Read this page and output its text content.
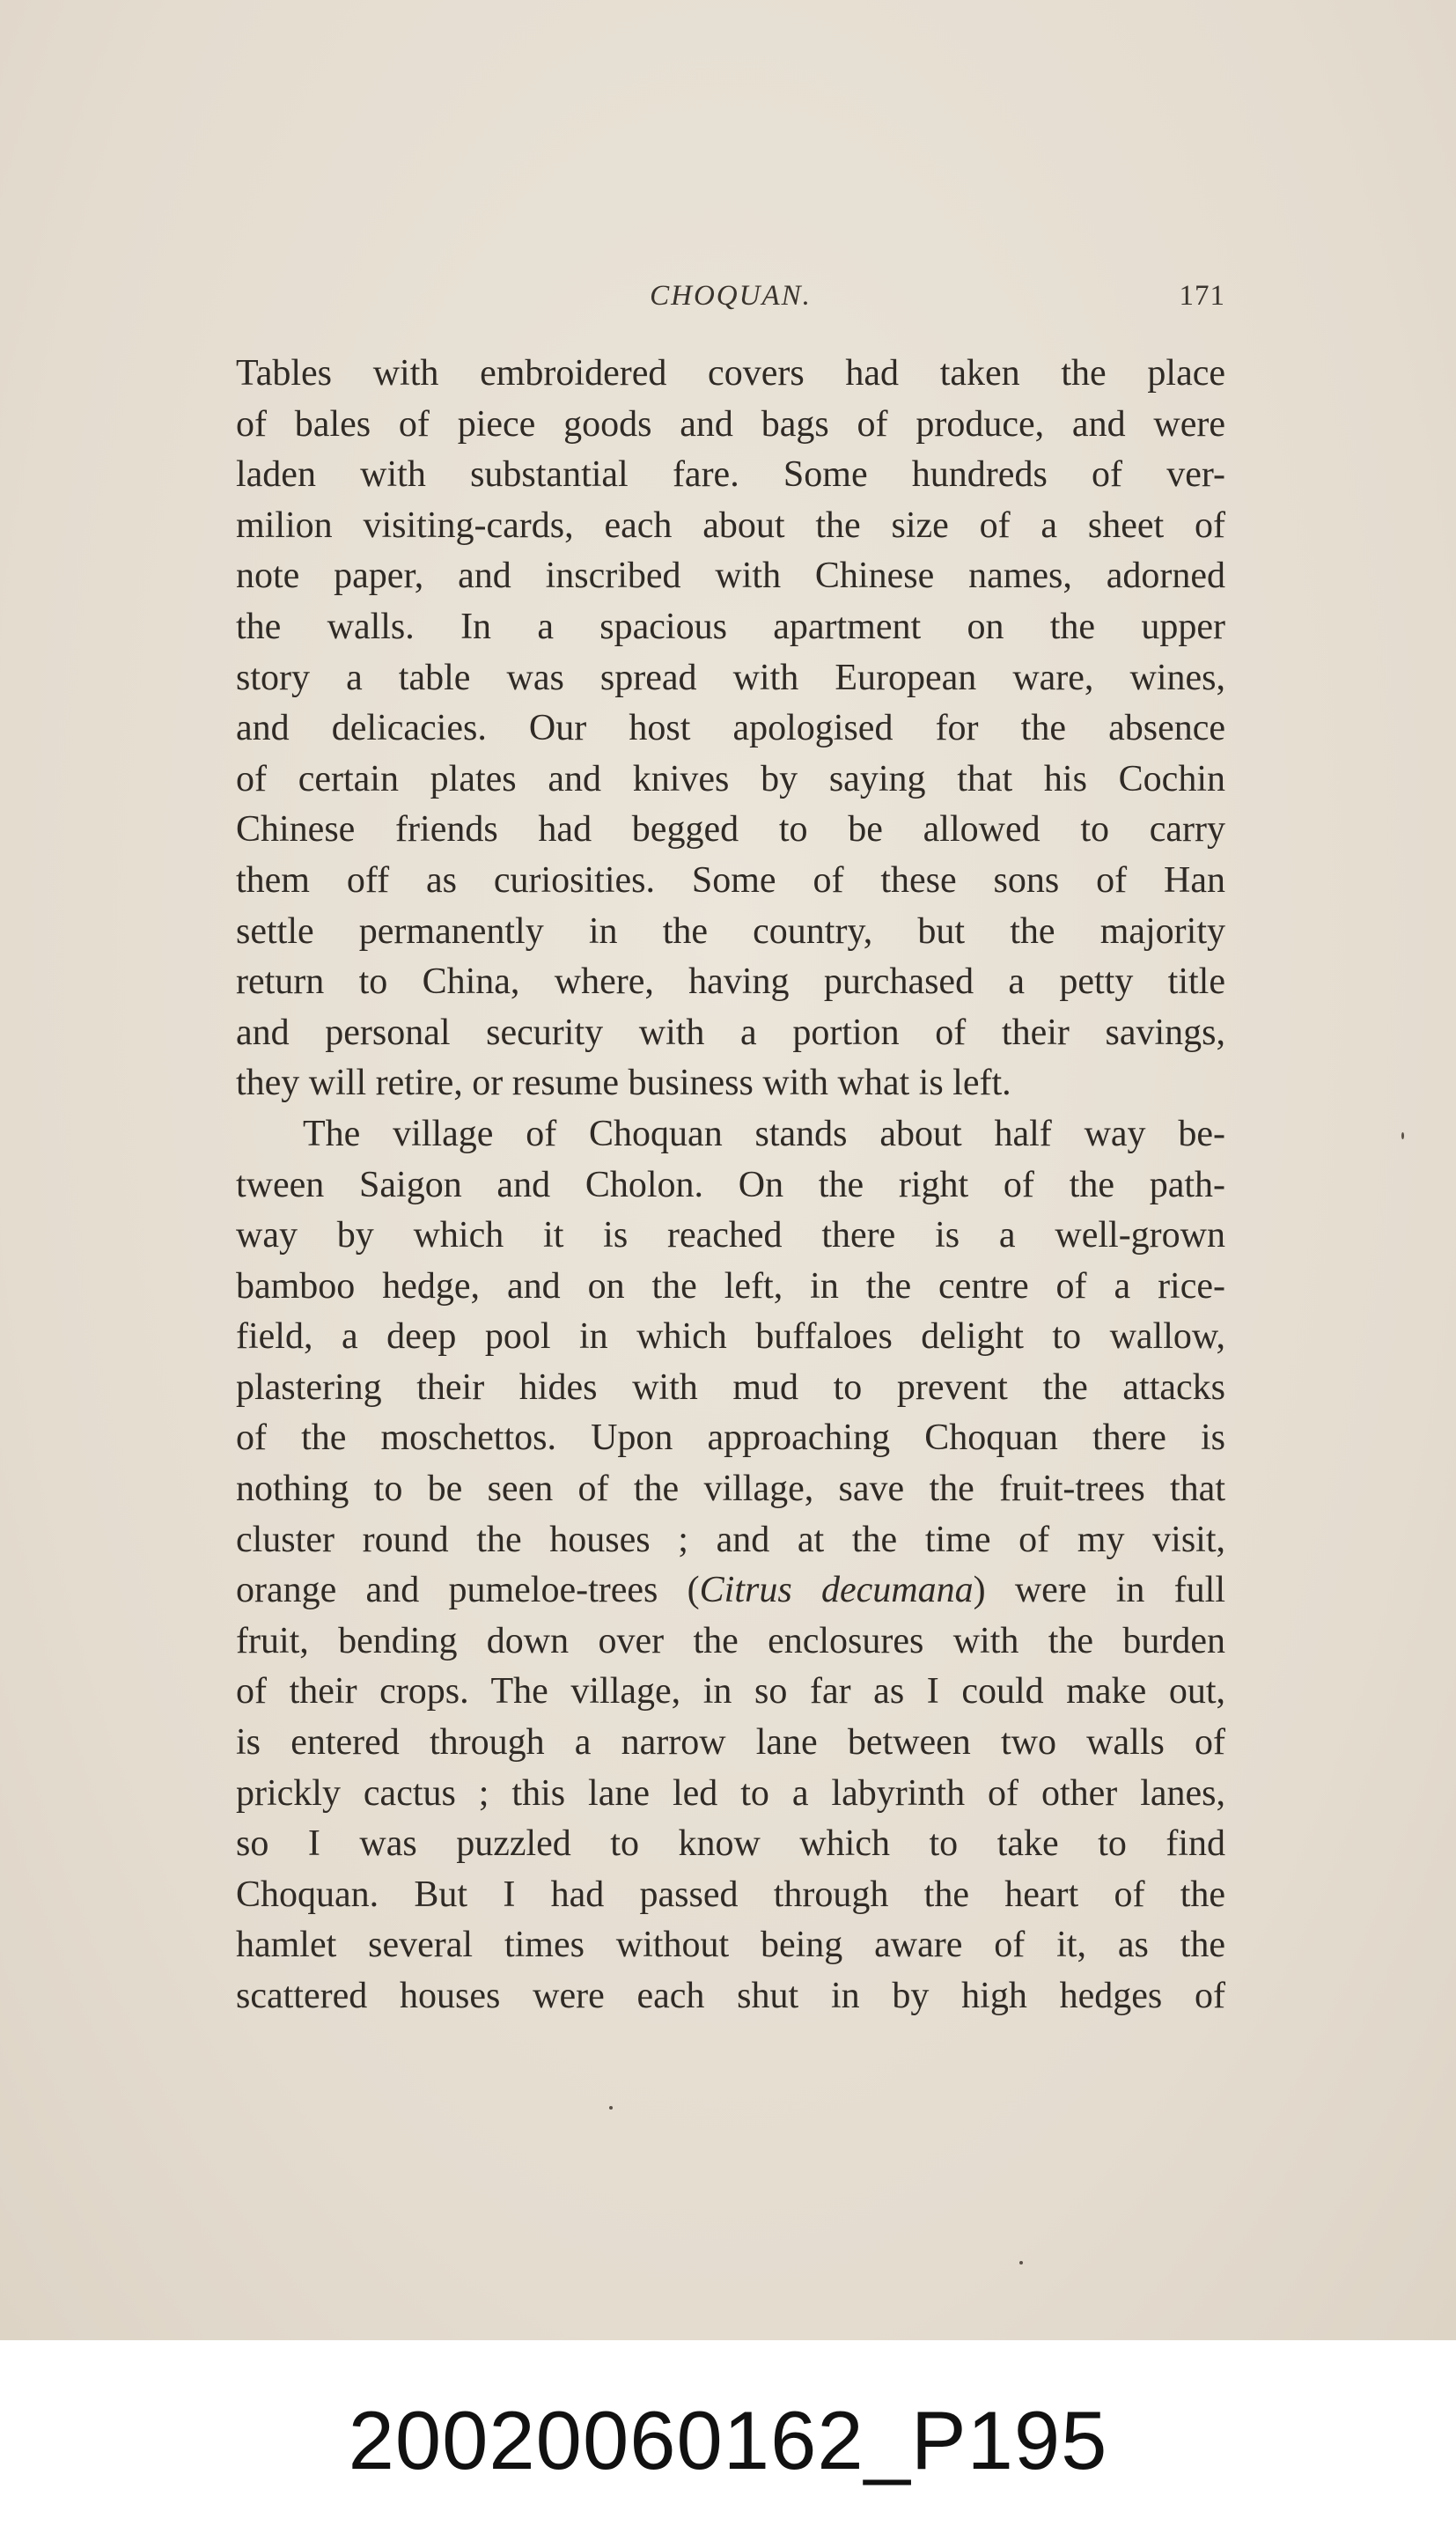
CHOQUAN.	171
Tables with embroidered covers had taken the place
of bales of piece goods and bags of produce, and were
laden with substantial fare. Some hundreds of ver-
milion visiting-cards, each about the size of a sheet of
note paper, and inscribed with Chinese names, adorned
the walls. In a spacious apartment on the upper
story a table was spread with European ware, wines,
and delicacies. Our host apologised for the absence
of certain plates and knives by saying that his Cochin
Chinese friends had begged to be allowed to carry
them off as curiosities. Some of these sons of Han
settle permanently in the country, but the majority
return to China, where, having purchased a petty title
and personal security with a portion of their savings,
they will retire, or resume business with what is left.
The village of Choquan stands about half way be-
tween Saigon and Cholon. On the right of the path-
way by which it is reached there is a well-grown
bamboo hedge, and on the left, in the centre of a rice-
field, a deep pool in which buffaloes delight to wallow,
plastering their hides with mud to prevent the attacks
of the moschettos. Upon approaching Choquan there is
nothing to be seen of the village, save the fruit-trees that
cluster round the houses ; and at the time of my visit,
orange and pumeloe-trees (Citrus decumana) were in full
fruit, bending down over the enclosures with the burden
of their crops. The village, in so far as I could make out,
is entered through a narrow lane between two walls of
prickly cactus ; this lane led to a labyrinth of other lanes,
so I was puzzled to know which to take to find
Choquan. But I had passed through the heart of the
hamlet several times without being aware of it, as the
scattered houses were each shut in by high hedges of
20020060162_P195
